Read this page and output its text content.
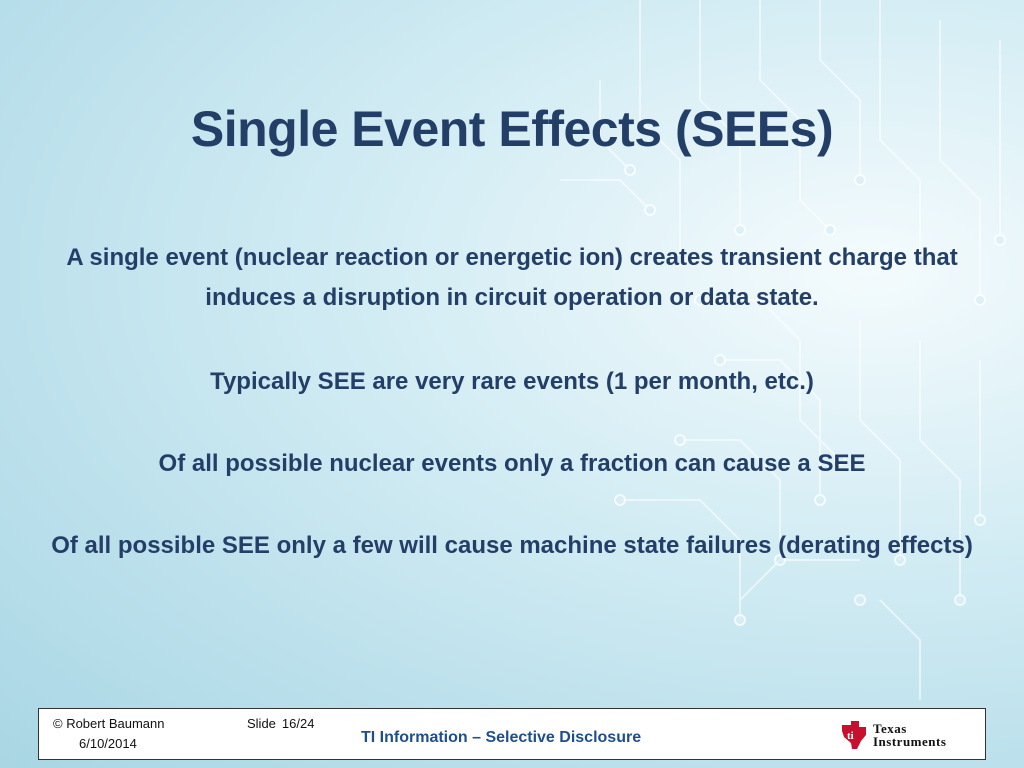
Single Event Effects (SEEs)

A single event (nuclear reaction or energetic ion) creates transient charge that induces a disruption in circuit operation or data state.

Typically SEE are very rare events (1 per month, etc.)

Of all possible nuclear events only a fraction can cause a SEE

Of all possible SEE only a few will cause machine state failures (derating effects)

© Robert Baumann
6/10/2014
Slide 16/24
TI Information – Selective Disclosure	ti Texas
Instruments
